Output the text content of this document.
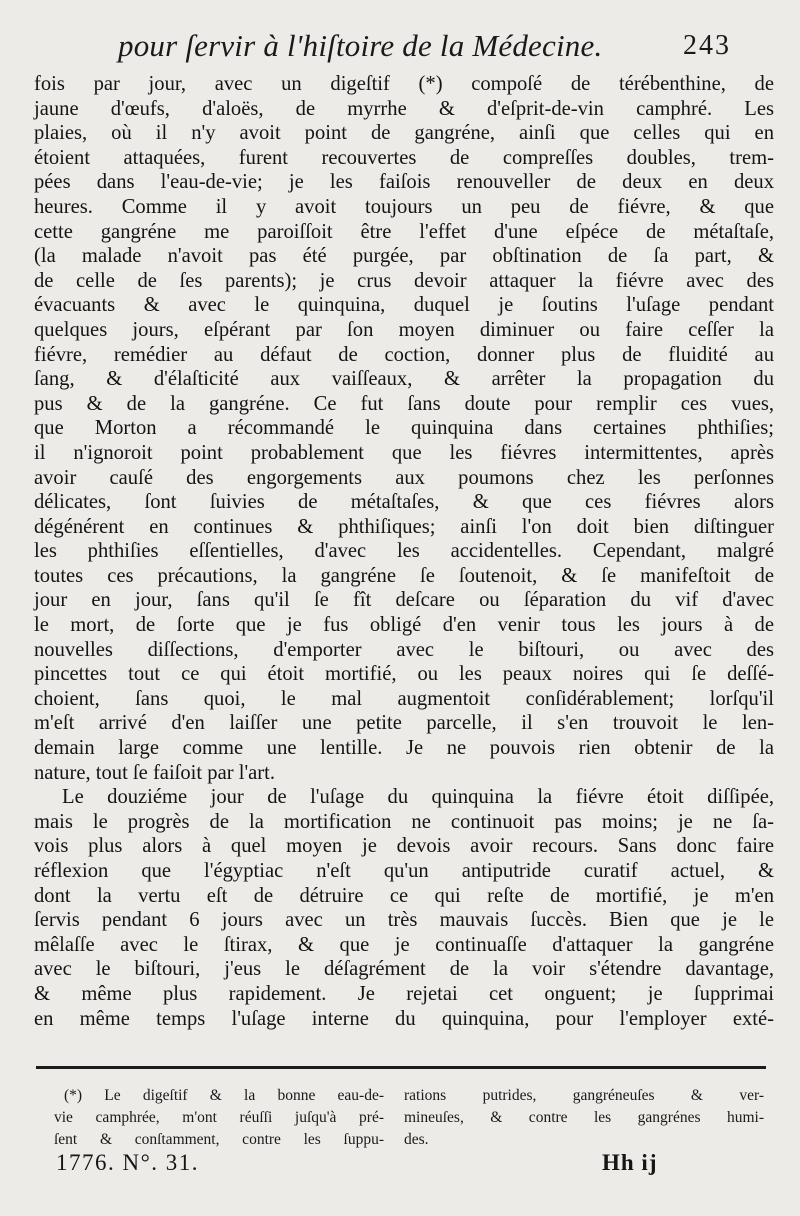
pour ſervir à l'hiſtoire de la Médecine.	243
fois par jour, avec un digeſtif (*) compoſé de térébenthine, de
jaune d'œufs, d'aloës, de myrrhe & d'eſprit-de-vin camphré. Les
plaies, où il n'y avoit point de gangréne, ainſi que celles qui en
étoient attaquées, furent recouvertes de compreſſes doubles, trem-
pées dans l'eau-de-vie; je les faiſois renouveller de deux en deux
heures. Comme il y avoit toujours un peu de fiévre, & que
cette gangréne me paroiſſoit être l'effet d'une eſpéce de métaſtaſe,
(la malade n'avoit pas été purgée, par obſtination de ſa part, &
de celle de ſes parents); je crus devoir attaquer la fiévre avec des
évacuants & avec le quinquina, duquel je ſoutins l'uſage pendant
quelques jours, eſpérant par ſon moyen diminuer ou faire ceſſer la
fiévre, remédier au défaut de coction, donner plus de fluidité au
ſang, & d'élaſticité aux vaiſſeaux, & arrêter la propagation du
pus & de la gangréne. Ce fut ſans doute pour remplir ces vues,
que Morton a récommandé le quinquina dans certaines phthiſies;
il n'ignoroit point probablement que les fiévres intermittentes, après
avoir cauſé des engorgements aux poumons chez les perſonnes
délicates, ſont ſuivies de métaſtaſes, & que ces fiévres alors
dégénérent en continues & phthiſiques; ainſi l'on doit bien diſtinguer
les phthiſies eſſentielles, d'avec les accidentelles. Cependant, malgré
toutes ces précautions, la gangréne ſe ſoutenoit, & ſe manifeſtoit de
jour en jour, ſans qu'il ſe fît deſcare ou ſéparation du vif d'avec
le mort, de ſorte que je fus obligé d'en venir tous les jours à de
nouvelles diſſections, d'emporter avec le biſtouri, ou avec des
pincettes tout ce qui étoit mortifié, ou les peaux noires qui ſe deſſé-
choient, ſans quoi, le mal augmentoit conſidérablement; lorſqu'il
m'eſt arrivé d'en laiſſer une petite parcelle, il s'en trouvoit le len-
demain large comme une lentille. Je ne pouvois rien obtenir de la
nature, tout ſe faiſoit par l'art.
Le douziéme jour de l'uſage du quinquina la fiévre étoit diſſipée,
mais le progrès de la mortification ne continuoit pas moins; je ne ſa-
vois plus alors à quel moyen je devois avoir recours. Sans donc faire
réflexion que l'égyptiac n'eſt qu'un antiputride curatif actuel, &
dont la vertu eſt de détruire ce qui reſte de mortifié, je m'en
ſervis pendant 6 jours avec un très mauvais ſuccès. Bien que je le
mêlaſſe avec le ſtirax, & que je continuaſſe d'attaquer la gangréne
avec le biſtouri, j'eus le déſagrément de la voir s'étendre davantage,
& même plus rapidement. Je rejetai cet onguent; je ſupprimai
en même temps l'uſage interne du quinquina, pour l'employer exté-
(*) Le digeſtif & la bonne eau-de-
vie camphrée, m'ont réuſſi juſqu'à pré-
ſent & conſtamment, contre les ſuppu-
rations putrides, gangréneuſes & ver-
mineuſes, & contre les gangrénes humi-
des.
1776. N°. 31.	Hh ij
